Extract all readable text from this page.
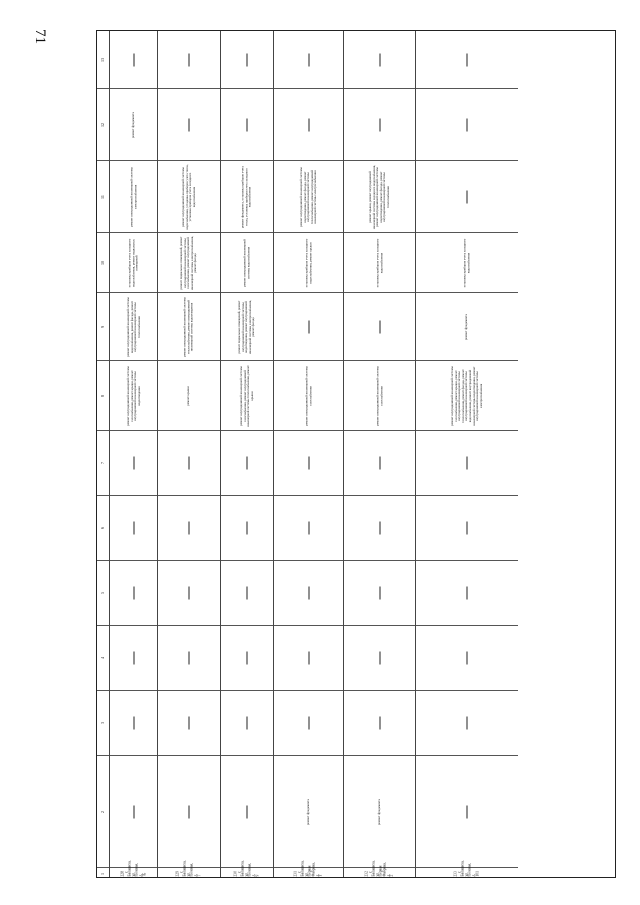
71
13
12
11
10
9
8
7
6
5
4
3
2
1
ремонт фундамента
ремонт внутридомовой инженерной системы электроснабжения
установка приборов учета холодного водоснабжения, ремонт подвальных помещений
ремонт внутридомовой инженерной системы водоснабжения, ремонт фасада, ремонт внутридомовой инженерной системы теплоснабжения
ремонт внутридомовой инженерной системы газоснабжения, ремонт крыши, ремонт внутридомовой инженерной системы водоотведения
228     г. Балашиха, ул. Полевая, д. 7Б
ремонт внутридомовой инженерной системы водоснабжения, установка приборов учета тепла, установка приборов учета холодного водоснабжения
ремонт подвальных помещений, ремонт внутридомовой инженерной системы газоснабжения, ремонт внутридомовой инженерной системы электроснабжения, ремонт фасада
ремонт внутридомовой инженерной системы теплоснабжения, ремонт внутридомовой инженерной системы водоотведения
ремонт крыши
229     г. Балашиха, ул. Полевая, д. 7
ремонт фундамента, установка приборов учета тепла, установка приборов учета холодного водоснабжения
ремонт внутридомовой инженерной системы водоснабжения
ремонт подвальных помещений, ремонт внутридомовой инженерной системы водоотведения, ремонт внутридомовой инженерной системы электроснабжения, ремонт фасада
ремонт внутридомовой инженерной системы газоснабжения, ремонт внутридомовой инженерной системы теплоснабжения, ремонт крыши
230     г. Балашиха, ул. Полевая, д. 9
ремонт внутридомовой инженерной системы водоотведения, ремонт фасада, ремонт внутридомовой инженерной системы теплоснабжения, ремонт внутридомовой инженерной системы электроснабжения
установка приборов учета холодного водоснабжения, ремонт крыши
ремонт внутридомовой инженерной системы газоснабжения
ремонт фундамента
231     г. Балашиха, ул. Первая Фабрика, д. 1
ремонт крыши, ремонт внутридомовой инженерной системы холодного водоснабжения, ремонт внутридомовой инженерной системы водоотведения, ремонт фасада, ремонт внутридомовой инженерной системы теплоснабжения
установка приборов учета холодного водоснабжения
ремонт внутридомовой инженерной системы газоснабжения
ремонт фундамента
232     г. Балашиха, ул. Первая Фабрика, д. 2
установка приборов учета холодного водоснабжения
ремонт фундамента
ремонт внутридомовой инженерной системы газоснабжения, ремонт крыши, ремонт внутридомовой инженерной системы теплоснабжения, ремонт фасада, ремонт внутридомовой инженерной системы водоснабжения, ремонт внутридомовой инженерной системы водоотведения, ремонт внутридомовой инженерной системы электроснабжения
233     г. Балашиха, ул. Полевая, д. 101
